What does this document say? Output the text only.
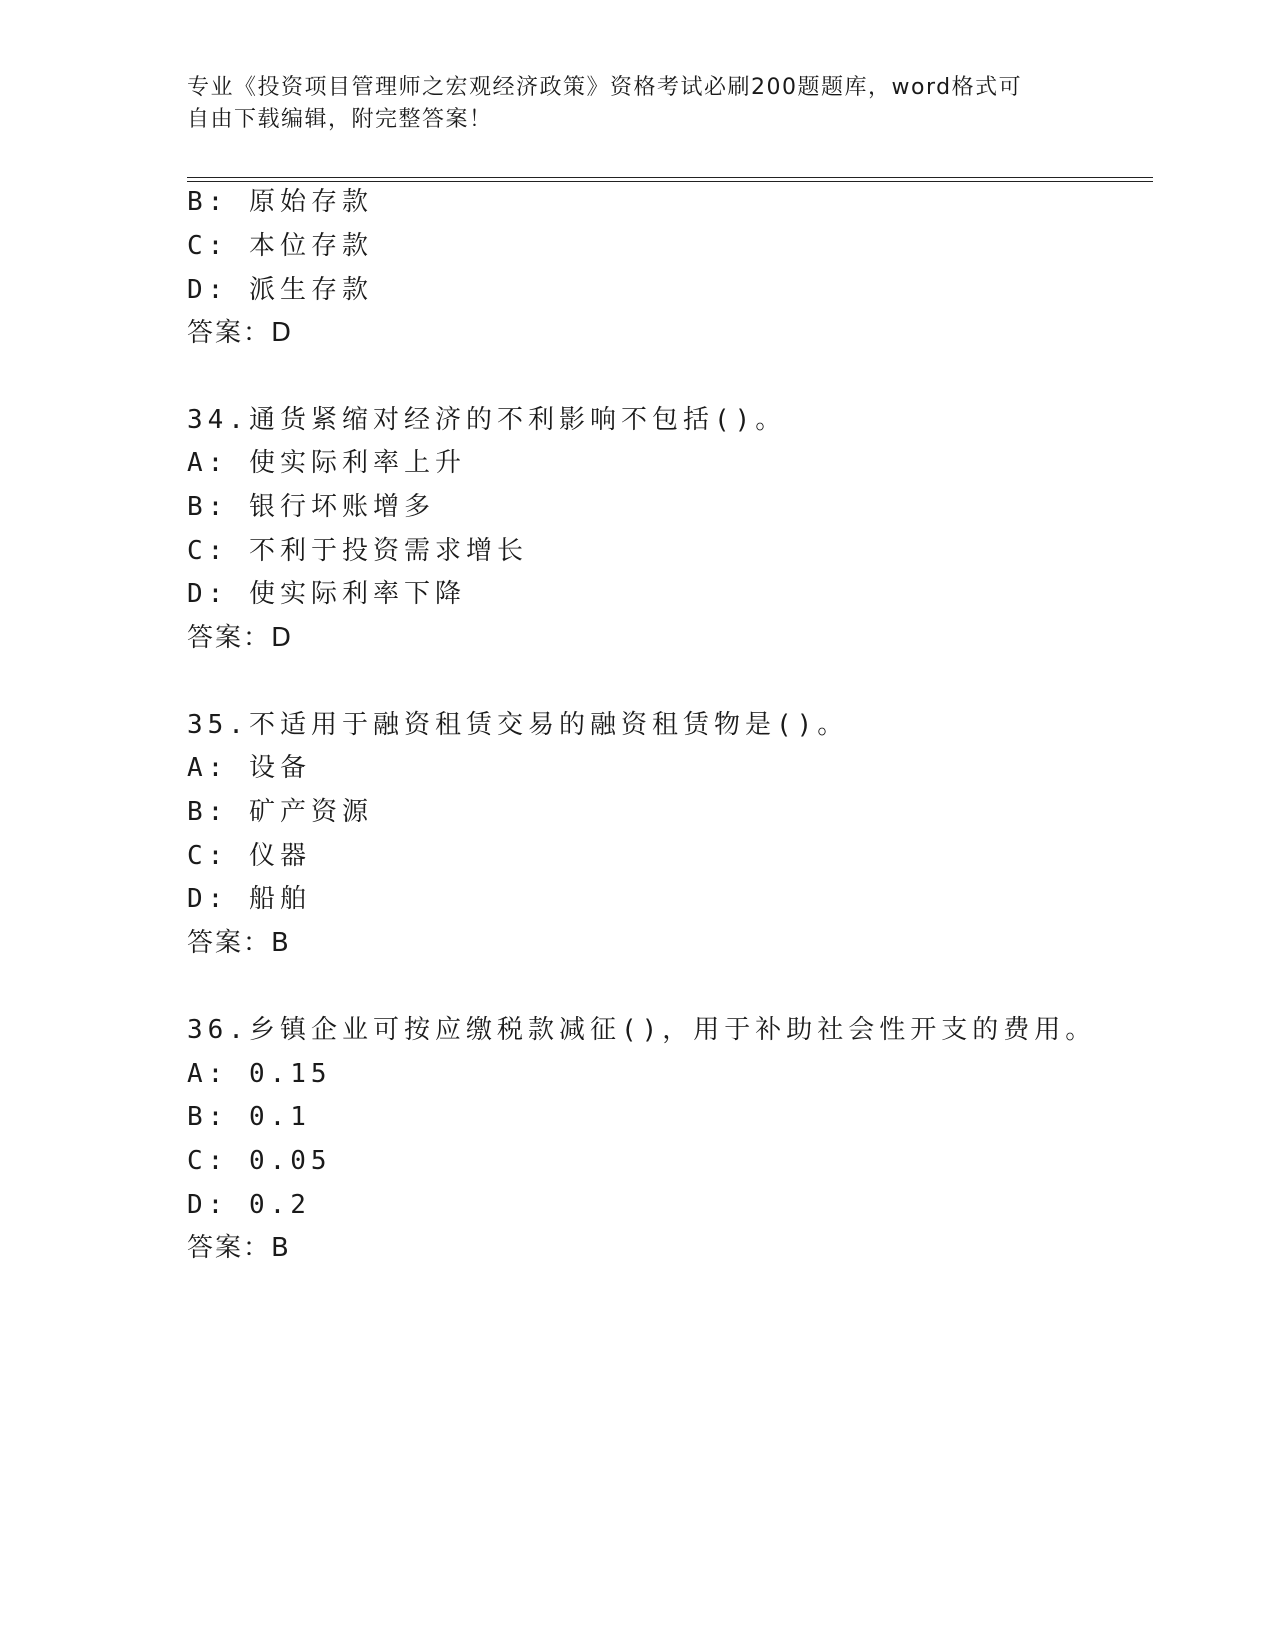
专业《投资项目管理师之宏观经济政策》资格考试必刷200题题库，word格式可
自由下载编辑，附完整答案！
B: 原始存款
C: 本位存款
D: 派生存款
答案：D
34.通货紧缩对经济的不利影响不包括()。
A: 使实际利率上升
B: 银行坏账增多
C: 不利于投资需求增长
D: 使实际利率下降
答案：D
35.不适用于融资租赁交易的融资租赁物是()。
A: 设备
B: 矿产资源
C: 仪器
D: 船舶
答案：B
36.乡镇企业可按应缴税款减征()，用于补助社会性开支的费用。
A: 0.15
B: 0.1
C: 0.05
D: 0.2
答案：B
